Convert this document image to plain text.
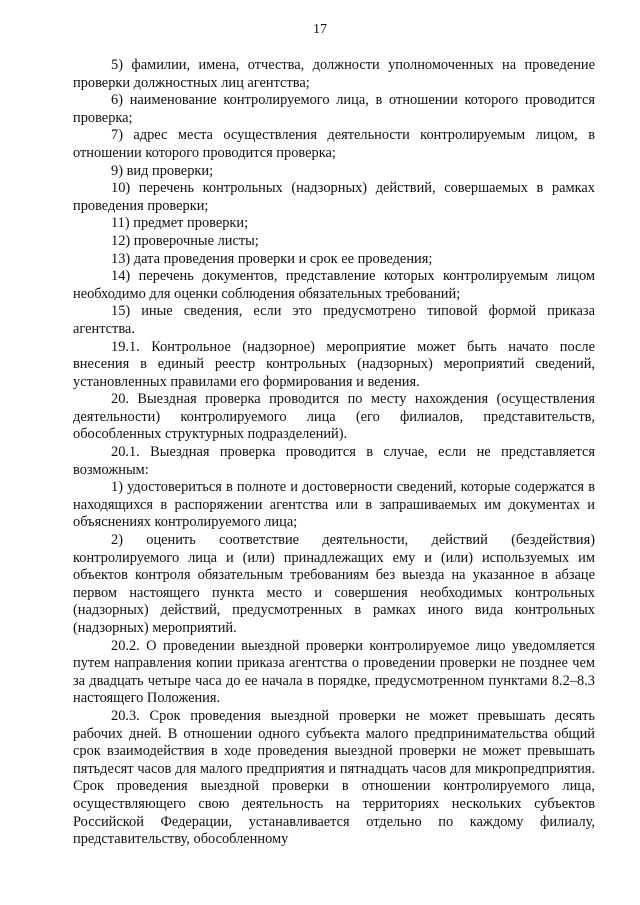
17

5) фамилии, имена, отчества, должности уполномоченных на проведение проверки должностных лиц агентства;

6) наименование контролируемого лица, в отношении которого проводится проверка;

7) адрес места осуществления деятельности контролируемым лицом, в отношении которого проводится проверка;

9) вид проверки;

10) перечень контрольных (надзорных) действий, совершаемых в рамках проведения проверки;

11) предмет проверки;

12) проверочные листы;

13) дата проведения проверки и срок ее проведения;

14) перечень документов, представление которых контролируемым лицом необходимо для оценки соблюдения обязательных требований;

15) иные сведения, если это предусмотрено типовой формой приказа агентства.

19.1. Контрольное (надзорное) мероприятие может быть начато после внесения в единый реестр контрольных (надзорных) мероприятий сведений, установленных правилами его формирования и ведения.

20. Выездная проверка проводится по месту нахождения (осуществления деятельности) контролируемого лица (его филиалов, представительств, обособленных структурных подразделений).

20.1. Выездная проверка проводится в случае, если не представляется возможным:

1) удостовериться в полноте и достоверности сведений, которые содержатся в находящихся в распоряжении агентства или в запрашиваемых им документах и объяснениях контролируемого лица;

2) оценить соответствие деятельности, действий (бездействия) контролируемого лица и (или) принадлежащих ему и (или) используемых им объектов контроля обязательным требованиям без выезда на указанное в абзаце первом настоящего пункта место и совершения необходимых контрольных (надзорных) действий, предусмотренных в рамках иного вида контрольных (надзорных) мероприятий.

20.2. О проведении выездной проверки контролируемое лицо уведомляется путем направления копии приказа агентства о проведении проверки не позднее чем за двадцать четыре часа до ее начала в порядке, предусмотренном пунктами 8.2–8.3 настоящего Положения.

20.3. Срок проведения выездной проверки не может превышать десять рабочих дней. В отношении одного субъекта малого предпринимательства общий срок взаимодействия в ходе проведения выездной проверки не может превышать пятьдесят часов для малого предприятия и пятнадцать часов для микропредприятия. Срок проведения выездной проверки в отношении контролируемого лица, осуществляющего свою деятельность на территориях нескольких субъектов Российской Федерации, устанавливается отдельно по каждому филиалу, представительству, обособленному
